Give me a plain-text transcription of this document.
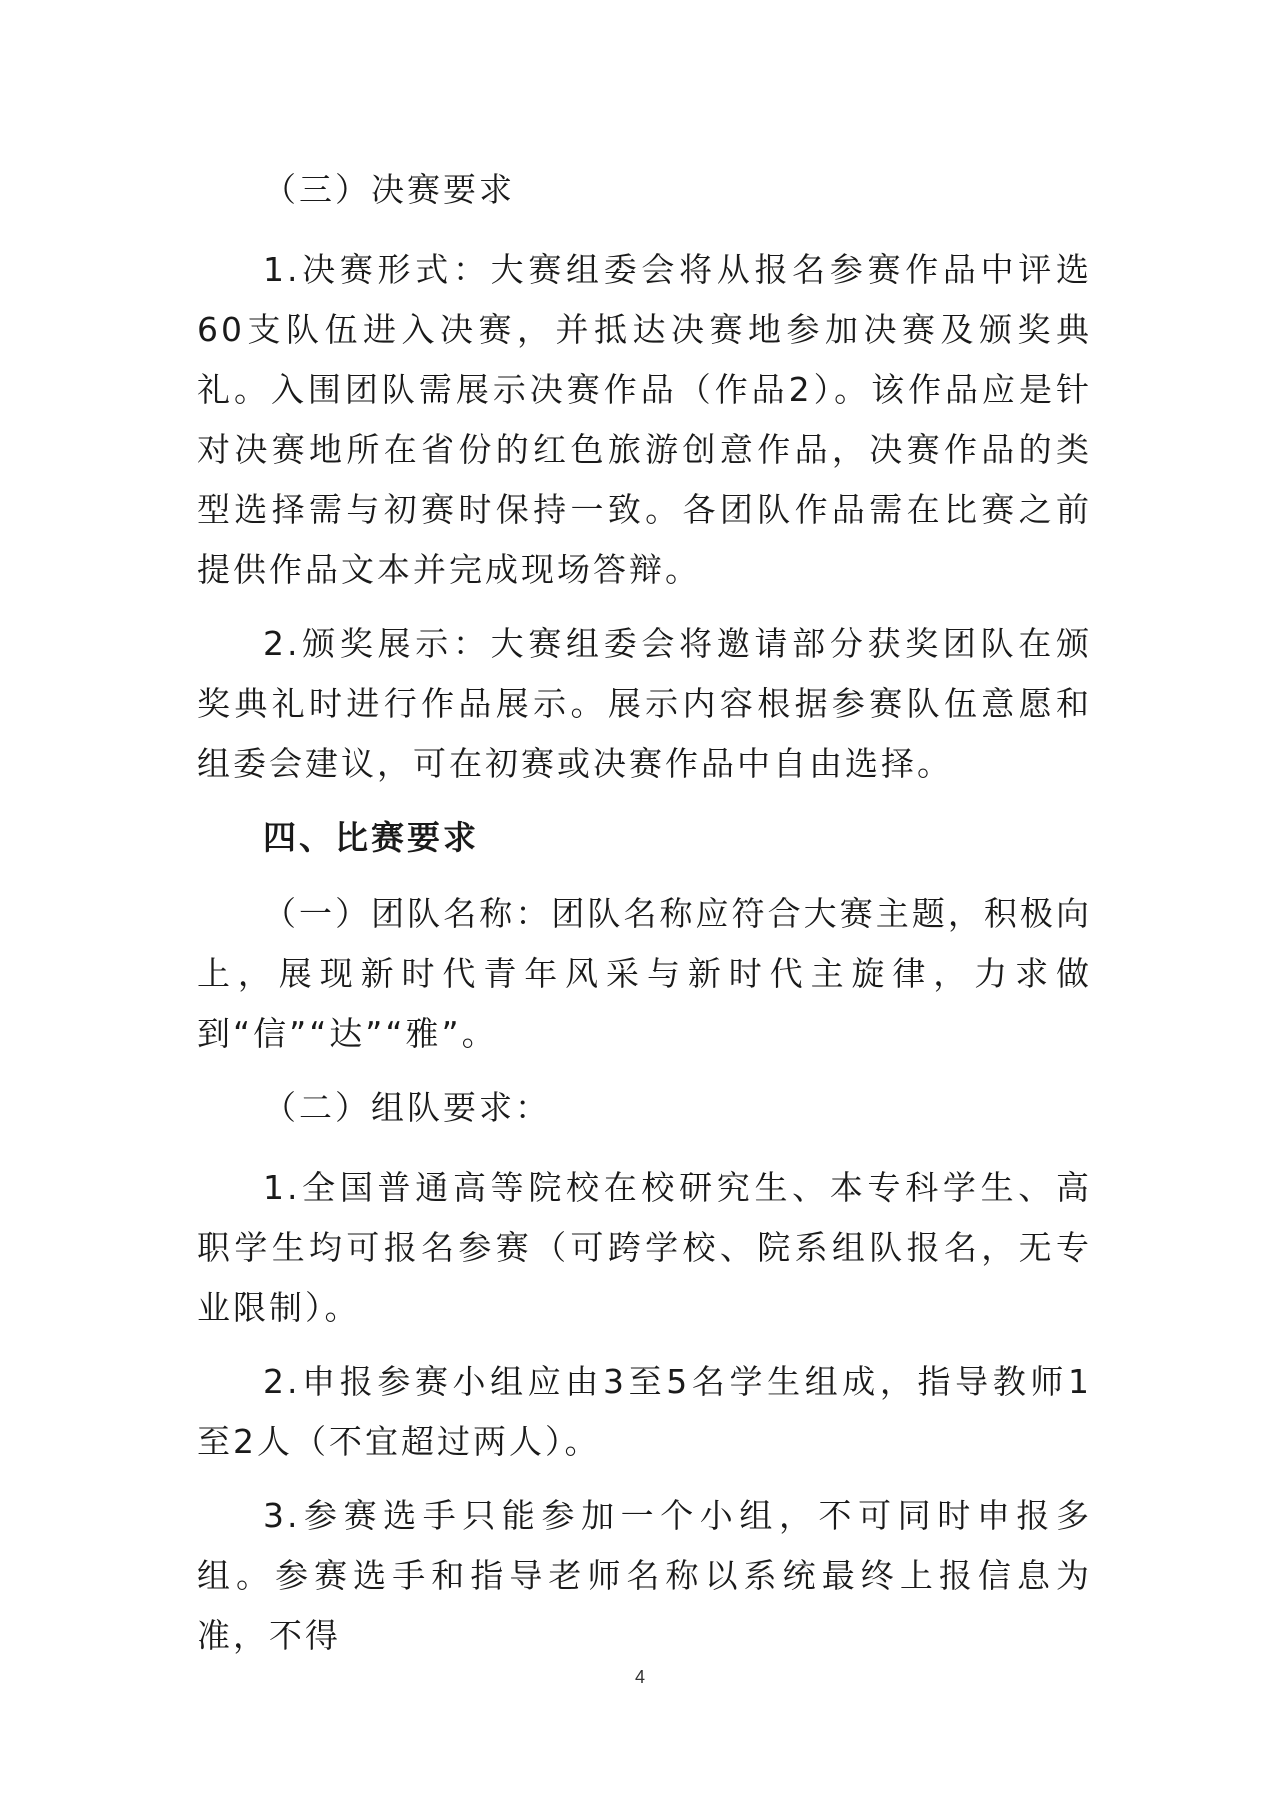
（三）决赛要求

1.决赛形式：大赛组委会将从报名参赛作品中评选60支队伍进入决赛，并抵达决赛地参加决赛及颁奖典礼。入围团队需展示决赛作品（作品2）。该作品应是针对决赛地所在省份的红色旅游创意作品，决赛作品的类型选择需与初赛时保持一致。各团队作品需在比赛之前提供作品文本并完成现场答辩。

2.颁奖展示：大赛组委会将邀请部分获奖团队在颁奖典礼时进行作品展示。展示内容根据参赛队伍意愿和组委会建议，可在初赛或决赛作品中自由选择。

四、比赛要求

（一）团队名称：团队名称应符合大赛主题，积极向上，展现新时代青年风采与新时代主旋律，力求做到“信”“达”“雅”。

（二）组队要求：

1.全国普通高等院校在校研究生、本专科学生、高职学生均可报名参赛（可跨学校、院系组队报名，无专业限制）。

2.申报参赛小组应由3至5名学生组成，指导教师1至2人（不宜超过两人）。

3.参赛选手只能参加一个小组，不可同时申报多组。参赛选手和指导老师名称以系统最终上报信息为准，不得

4
